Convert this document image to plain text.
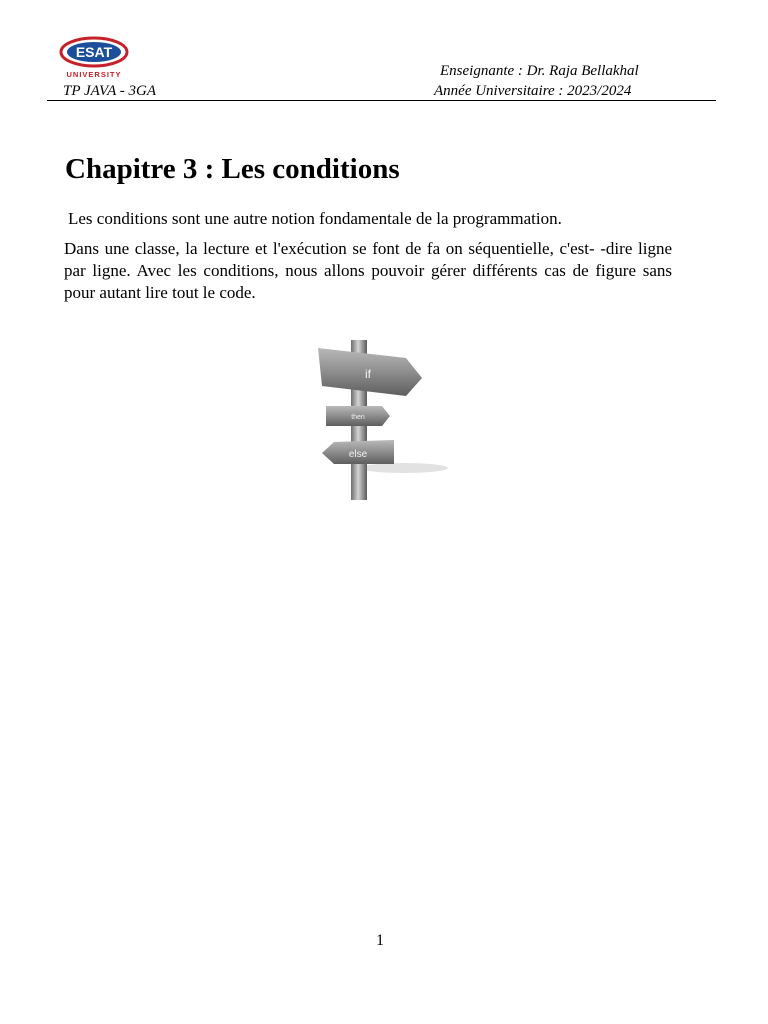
ESAT
UNIVERSITY	Enseignante : Dr. Raja Bellakhal
Année Universitaire : 2023/2024
TP JAVA - 3GA
Chapitre 3 : Les conditions
Les conditions sont une autre notion fondamentale de la programmation.
Dans une classe, la lecture et l'exécution se font de fa on séquentielle, c'est- -dire ligne par ligne. Avec les conditions, nous allons pouvoir gérer différents cas de figure sans pour autant lire tout le code.
if
then
else
1
